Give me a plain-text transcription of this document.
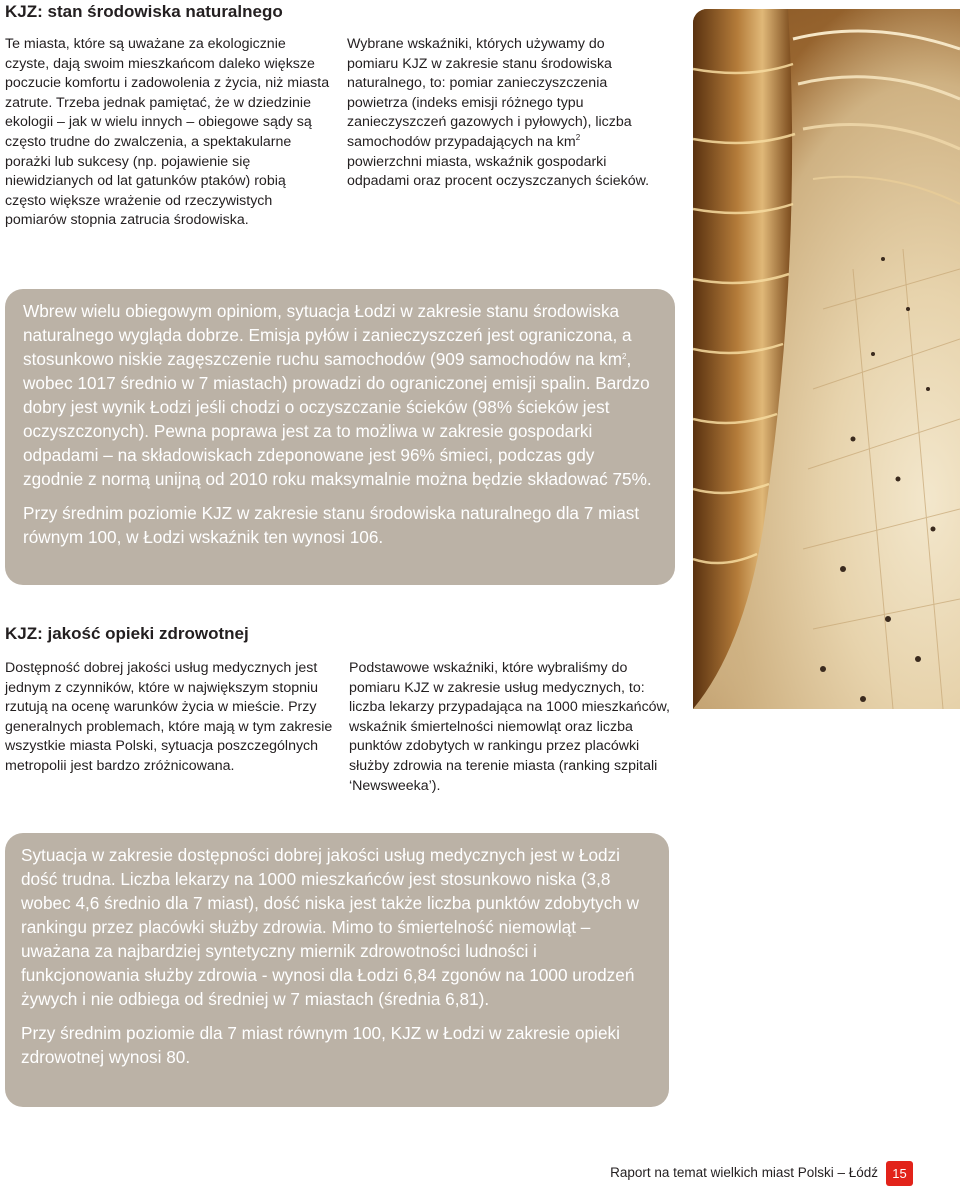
KJZ: stan środowiska naturalnego

Te miasta, które są uważane za ekologicznie czyste, dają swoim mieszkańcom daleko większe poczucie komfortu i zadowolenia z życia, niż miasta zatrute. Trzeba jednak pamiętać, że w dziedzinie ekologii – jak w wielu innych – obiegowe sądy są często trudne do zwalczenia, a spektakularne porażki lub sukcesy (np. pojawienie się niewidzianych od lat gatunków ptaków) robią często większe wrażenie od rzeczywistych pomiarów stopnia zatrucia środowiska.

Wybrane wskaźniki, których używamy do pomiaru KJZ w zakresie stanu środowiska naturalnego, to: pomiar zanieczyszczenia powietrza (indeks emisji różnego typu zanieczyszczeń gazowych i pyłowych), liczba samochodów przypadających na $km^2$ powierzchni miasta, wskaźnik gospodarki odpadami oraz procent oczyszczanych ścieków.

Wbrew wielu obiegowym opiniom, sytuacja Łodzi w zakresie stanu środowiska naturalnego wygląda dobrze. Emisja pyłów i zanieczyszczeń jest ograniczona, a stosunkowo niskie zagęszczenie ruchu samochodów (909 samochodów na $km^2$, wobec 1017 średnio w 7 miastach) prowadzi do ograniczonej emisji spalin. Bardzo dobry jest wynik Łodzi jeśli chodzi o oczyszczanie ścieków (98% ścieków jest oczyszczonych). Pewna poprawa jest za to możliwa w zakresie gospodarki odpadami – na składowiskach zdeponowane jest 96% śmieci, podczas gdy zgodnie z normą unijną od 2010 roku maksymalnie można będzie składować 75%.

Przy średnim poziomie KJZ w zakresie stanu środowiska naturalnego dla 7 miast równym 100, w Łodzi wskaźnik ten wynosi 106.

KJZ: jakość opieki zdrowotnej

Dostępność dobrej jakości usług medycznych jest jednym z czynników, które w największym stopniu rzutują na ocenę warunków życia w mieście. Przy generalnych problemach, które mają w tym zakresie wszystkie miasta Polski, sytuacja poszczególnych metropolii jest bardzo zróżnicowana.

Podstawowe wskaźniki, które wybraliśmy do pomiaru KJZ w zakresie usług medycznych, to: liczba lekarzy przypadająca na 1000 mieszkańców, wskaźnik śmiertelności niemowląt oraz liczba punktów zdobytych w rankingu przez placówki służby zdrowia na terenie miasta (ranking szpitali ‘Newsweeka’).

Sytuacja w zakresie dostępności dobrej jakości usług medycznych jest w Łodzi dość trudna. Liczba lekarzy na 1000 mieszkańców jest stosunkowo niska (3,8 wobec 4,6 średnio dla 7 miast), dość niska jest także liczba punktów zdobytych w rankingu przez placówki służby zdrowia. Mimo to śmiertelność niemowląt – uważana za najbardziej syntetyczny miernik zdrowotności ludności i funkcjonowania służby zdrowia - wynosi dla Łodzi 6,84 zgonów na 1000 urodzeń żywych i nie odbiega od średniej w 7 miastach (średnia 6,81).

Przy średnim poziomie dla 7 miast równym 100, KJZ w Łodzi w zakresie opieki zdrowotnej wynosi 80.

Raport na temat wielkich miast Polski – Łódź	15
